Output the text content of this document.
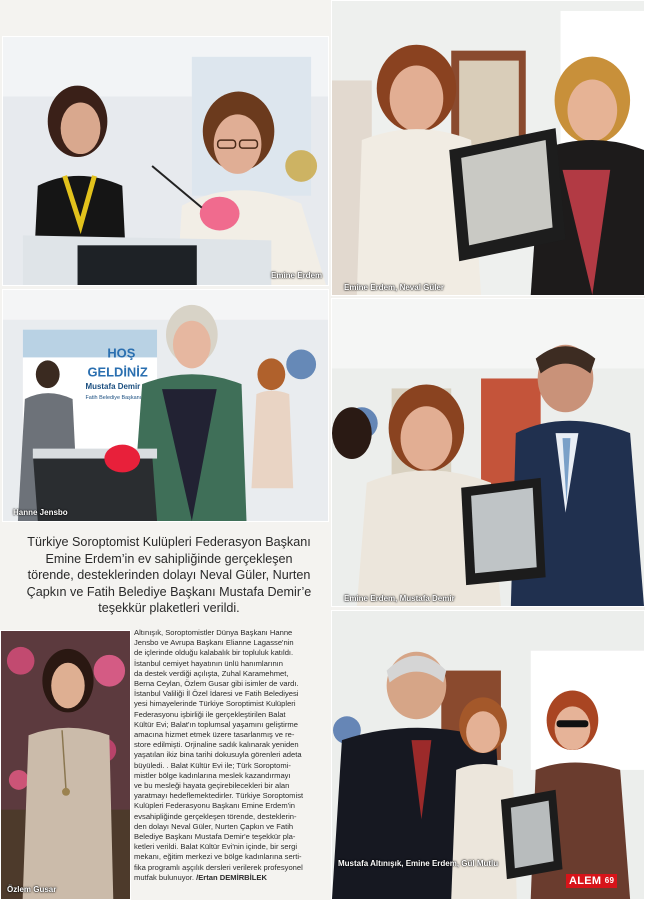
Emine Erdem
Emine Erdem, Neval Güler
HOŞ
GELDİNİZ
Mustafa Demir
Fatih Belediye Başkanı
Hanne Jensbo
Emine Erdem, Mustafa Demir
Özlem Gusar
Mustafa Altınışık, Emine Erdem, Gül Mutlu
Türkiye Soroptomist Kulüpleri Federasyon Başkanı
Emine Erdem’in ev sahipliğinde gerçekleşen
törende, desteklerinden dolayı Neval Güler, Nurten
Çapkın ve Fatih Belediye Başkanı Mustafa Demir’e
teşekkür plaketleri verildi.
Altınışık, Soroptomistler Dünya Başkanı Hanne
Jensbo ve Avrupa Başkanı Elianne Lagasse'nin
de içlerinde olduğu kalabalık bir topluluk katıldı.
İstanbul cemiyet hayatının ünlü hanımlarının
da destek verdiği açılışta, Zuhal Karamehmet,
Berna Ceylan, Özlem Gusar gibi isimler de vardı.
İstanbul Valiliği İl Özel İdaresi ve Fatih Belediyesi
yesi himayelerinde Türkiye Soroptimist Kulüpleri
Federasyonu işbirliği ile gerçekleştirilen Balat
Kültür Evi; Balat'ın toplumsal yaşamını geliştirme
amacına hizmet etmek üzere tasarlanmış ve re-
store edilmişti. Orjinaline sadık kalınarak yeniden
yaşatılan ikiz bina tarihi dokusuyla görenleri adeta
büyüledi. . Balat Kültür Evi ile; Türk Soroptomi-
mistler bölge kadınlarına meslek kazandırmayı
ve bu mesleği hayata geçirebilecekleri bir alan
yaratmayı hedeflemektedirler. Türkiye Soroptomist
Kulüpleri Federasyonu Başkanı Emine Erdem'in
evsahipliğinde gerçekleşen törende, desteklerin-
den dolayı Neval Güler, Nurten Çapkın ve Fatih
Belediye Başkanı Mustafa Demir'e teşekkür pla-
ketleri verildi. Balat Kültür Evi'nin içinde, bir sergi
mekanı, eğitim merkezi ve bölge kadınlarına serti-
fika programlı aşçılık dersleri verilerek profesyonel
mutfak bulunuyor. /Ertan DEMİRBİLEK	ALEM $^{69}$
